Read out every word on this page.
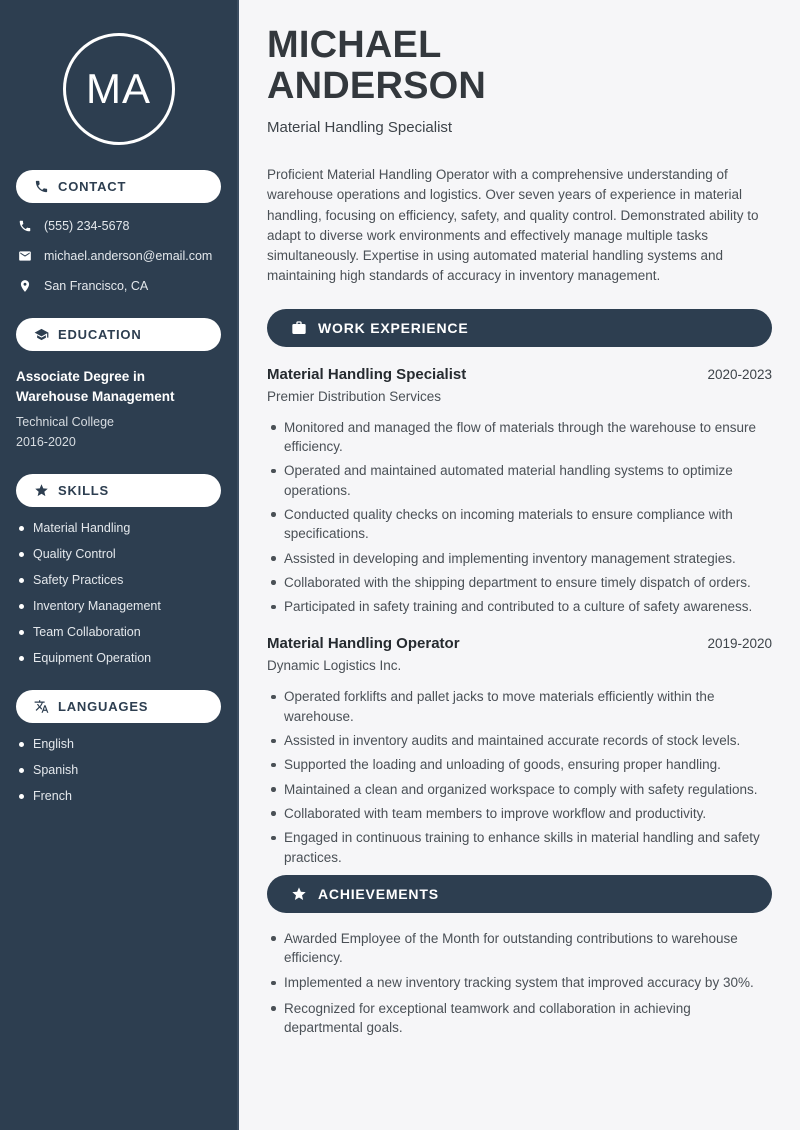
MA
CONTACT
(555) 234-5678
michael.anderson@email.com
San Francisco, CA
EDUCATION
Associate Degree in Warehouse Management
Technical College
2016-2020
SKILLS
Material Handling
Quality Control
Safety Practices
Inventory Management
Team Collaboration
Equipment Operation
LANGUAGES
English
Spanish
French
MICHAEL
ANDERSON
Material Handling Specialist

Proficient Material Handling Operator with a comprehensive understanding of warehouse operations and logistics. Over seven years of experience in material handling, focusing on efficiency, safety, and quality control. Demonstrated ability to adapt to diverse work environments and effectively manage multiple tasks simultaneously. Expertise in using automated material handling systems and maintaining high standards of accuracy in inventory management.

WORK EXPERIENCE
Material Handling Specialist	2020-2023
Premier Distribution Services
Monitored and managed the flow of materials through the warehouse to ensure efficiency.
Operated and maintained automated material handling systems to optimize operations.
Conducted quality checks on incoming materials to ensure compliance with specifications.
Assisted in developing and implementing inventory management strategies.
Collaborated with the shipping department to ensure timely dispatch of orders.
Participated in safety training and contributed to a culture of safety awareness.
Material Handling Operator	2019-2020
Dynamic Logistics Inc.
Operated forklifts and pallet jacks to move materials efficiently within the warehouse.
Assisted in inventory audits and maintained accurate records of stock levels.
Supported the loading and unloading of goods, ensuring proper handling.
Maintained a clean and organized workspace to comply with safety regulations.
Collaborated with team members to improve workflow and productivity.
Engaged in continuous training to enhance skills in material handling and safety practices.
ACHIEVEMENTS
Awarded Employee of the Month for outstanding contributions to warehouse efficiency.
Implemented a new inventory tracking system that improved accuracy by 30%.
Recognized for exceptional teamwork and collaboration in achieving departmental goals.
